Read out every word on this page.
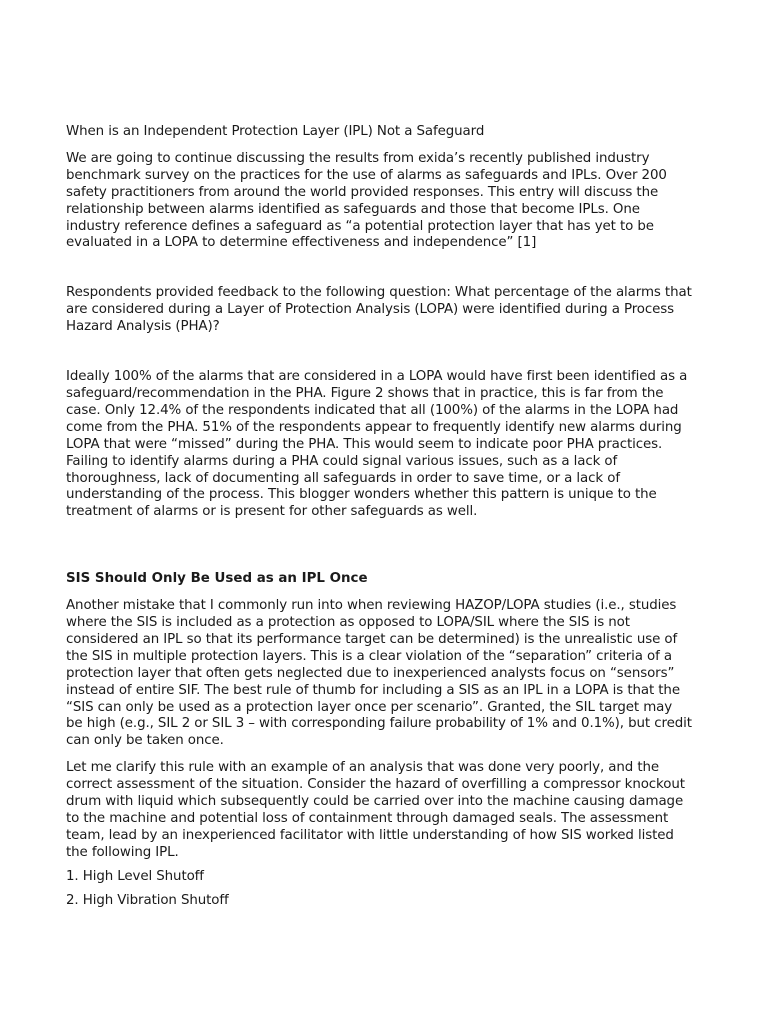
When is an Independent Protection Layer (IPL) Not a Safeguard

We are going to continue discussing the results from exida’s recently published industry benchmark survey on the practices for the use of alarms as safeguards and IPLs. Over 200 safety practitioners from around the world provided responses. This entry will discuss the relationship between alarms identified as safeguards and those that become IPLs. One industry reference defines a safeguard as “a potential protection layer that has yet to be evaluated in a LOPA to determine effectiveness and independence” [1]

Respondents provided feedback to the following question: What percentage of the alarms that are considered during a Layer of Protection Analysis (LOPA) were identified during a Process Hazard Analysis (PHA)?

Ideally 100% of the alarms that are considered in a LOPA would have first been identified as a safeguard/recommendation in the PHA. Figure 2 shows that in practice, this is far from the case. Only 12.4% of the respondents indicated that all (100%) of the alarms in the LOPA had come from the PHA. 51% of the respondents appear to frequently identify new alarms during LOPA that were “missed” during the PHA. This would seem to indicate poor PHA practices. Failing to identify alarms during a PHA could signal various issues, such as a lack of thoroughness, lack of documenting all safeguards in order to save time, or a lack of understanding of the process. This blogger wonders whether this pattern is unique to the treatment of alarms or is present for other safeguards as well.

SIS Should Only Be Used as an IPL Once

Another mistake that I commonly run into when reviewing HAZOP/LOPA studies (i.e., studies where the SIS is included as a protection as opposed to LOPA/SIL where the SIS is not considered an IPL so that its performance target can be determined) is the unrealistic use of the SIS in multiple protection layers. This is a clear violation of the “separation” criteria of a protection layer that often gets neglected due to inexperienced analysts focus on “sensors” instead of entire SIF. The best rule of thumb for including a SIS as an IPL in a LOPA is that the “SIS can only be used as a protection layer once per scenario”. Granted, the SIL target may be high (e.g., SIL 2 or SIL 3 – with corresponding failure probability of 1% and 0.1%), but credit can only be taken once.

Let me clarify this rule with an example of an analysis that was done very poorly, and the correct assessment of the situation. Consider the hazard of overfilling a compressor knockout drum with liquid which subsequently could be carried over into the machine causing damage to the machine and potential loss of containment through damaged seals. The assessment team, lead by an inexperienced facilitator with little understanding of how SIS worked listed the following IPL.

1. High Level Shutoff

2. High Vibration Shutoff
